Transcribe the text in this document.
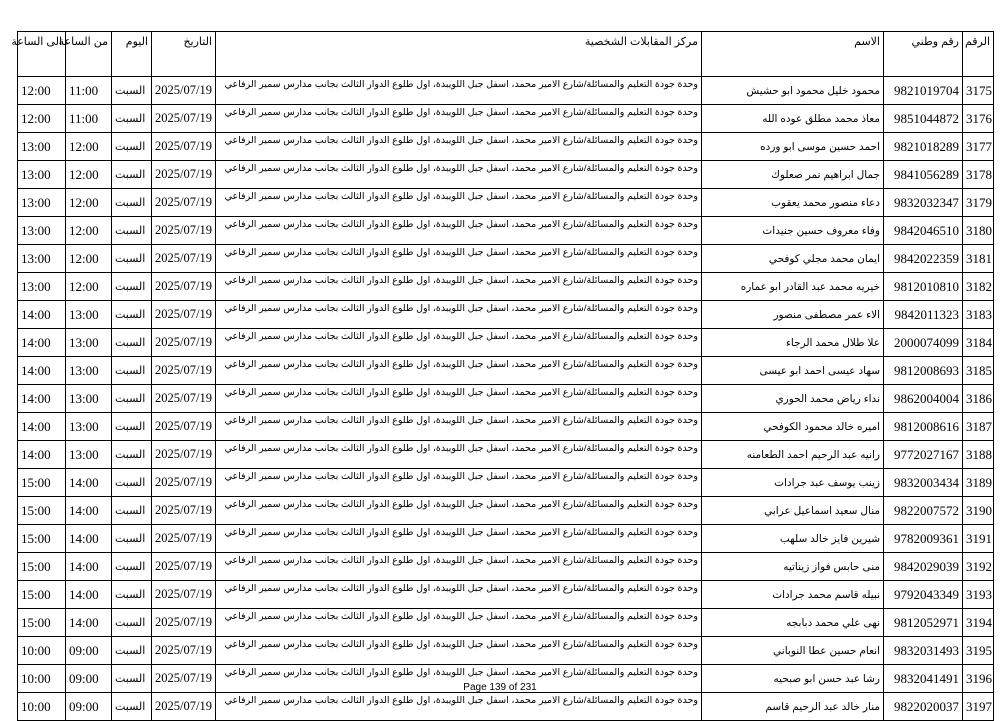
الرقم	رقم وطني	الاسم	مركز المقابلات الشخصية	التاريخ	اليوم	من الساعة	الى الساعة
3175	9821019704	محمود خليل محمود ابو حشيش	وحدة جودة التعليم والمسائلة/شارع الامير محمد، اسفل جبل اللويبدة، اول طلوع الدوار الثالث بجانب مدارس سمير الرفاعي	2025/07/19	السبت	11:00	12:00
3176	9851044872	معاذ محمد مطلق عوده الله	وحدة جودة التعليم والمسائلة/شارع الامير محمد، اسفل جبل اللويبدة، اول طلوع الدوار الثالث بجانب مدارس سمير الرفاعي	2025/07/19	السبت	11:00	12:00
3177	9821018289	احمد حسين موسى ابو ورده	وحدة جودة التعليم والمسائلة/شارع الامير محمد، اسفل جبل اللويبدة، اول طلوع الدوار الثالث بجانب مدارس سمير الرفاعي	2025/07/19	السبت	12:00	13:00
3178	9841056289	جمال ابراهيم نمر صعلوك	وحدة جودة التعليم والمسائلة/شارع الامير محمد، اسفل جبل اللويبدة، اول طلوع الدوار الثالث بجانب مدارس سمير الرفاعي	2025/07/19	السبت	12:00	13:00
3179	9832032347	دعاء منصور محمد يعقوب	وحدة جودة التعليم والمسائلة/شارع الامير محمد، اسفل جبل اللويبدة، اول طلوع الدوار الثالث بجانب مدارس سمير الرفاعي	2025/07/19	السبت	12:00	13:00
3180	9842046510	وفاء معروف حسين جنيدات	وحدة جودة التعليم والمسائلة/شارع الامير محمد، اسفل جبل اللويبدة، اول طلوع الدوار الثالث بجانب مدارس سمير الرفاعي	2025/07/19	السبت	12:00	13:00
3181	9842022359	ايمان محمد مجلي كوفحي	وحدة جودة التعليم والمسائلة/شارع الامير محمد، اسفل جبل اللويبدة، اول طلوع الدوار الثالث بجانب مدارس سمير الرفاعي	2025/07/19	السبت	12:00	13:00
3182	9812010810	خيريه محمد عبد القادر ابو عماره	وحدة جودة التعليم والمسائلة/شارع الامير محمد، اسفل جبل اللويبدة، اول طلوع الدوار الثالث بجانب مدارس سمير الرفاعي	2025/07/19	السبت	12:00	13:00
3183	9842011323	الاء عمر مصطفى منصور	وحدة جودة التعليم والمسائلة/شارع الامير محمد، اسفل جبل اللويبدة، اول طلوع الدوار الثالث بجانب مدارس سمير الرفاعي	2025/07/19	السبت	13:00	14:00
3184	2000074099	علا طلال محمد الرجاء	وحدة جودة التعليم والمسائلة/شارع الامير محمد، اسفل جبل اللويبدة، اول طلوع الدوار الثالث بجانب مدارس سمير الرفاعي	2025/07/19	السبت	13:00	14:00
3185	9812008693	سهاد عيسى احمد ابو عيسى	وحدة جودة التعليم والمسائلة/شارع الامير محمد، اسفل جبل اللويبدة، اول طلوع الدوار الثالث بجانب مدارس سمير الرفاعي	2025/07/19	السبت	13:00	14:00
3186	9862004004	نداء رياض محمد الحوري	وحدة جودة التعليم والمسائلة/شارع الامير محمد، اسفل جبل اللويبدة، اول طلوع الدوار الثالث بجانب مدارس سمير الرفاعي	2025/07/19	السبت	13:00	14:00
3187	9812008616	اميره خالد محمود الكوفحي	وحدة جودة التعليم والمسائلة/شارع الامير محمد، اسفل جبل اللويبدة، اول طلوع الدوار الثالث بجانب مدارس سمير الرفاعي	2025/07/19	السبت	13:00	14:00
3188	9772027167	رانيه عبد الرحيم احمد الطعامنه	وحدة جودة التعليم والمسائلة/شارع الامير محمد، اسفل جبل اللويبدة، اول طلوع الدوار الثالث بجانب مدارس سمير الرفاعي	2025/07/19	السبت	13:00	14:00
3189	9832003434	زينب يوسف عبد جرادات	وحدة جودة التعليم والمسائلة/شارع الامير محمد، اسفل جبل اللويبدة، اول طلوع الدوار الثالث بجانب مدارس سمير الرفاعي	2025/07/19	السبت	14:00	15:00
3190	9822007572	منال سعيد اسماعيل عرابي	وحدة جودة التعليم والمسائلة/شارع الامير محمد، اسفل جبل اللويبدة، اول طلوع الدوار الثالث بجانب مدارس سمير الرفاعي	2025/07/19	السبت	14:00	15:00
3191	9782009361	شيرين فايز خالد سلهب	وحدة جودة التعليم والمسائلة/شارع الامير محمد، اسفل جبل اللويبدة، اول طلوع الدوار الثالث بجانب مدارس سمير الرفاعي	2025/07/19	السبت	14:00	15:00
3192	9842029039	منى حابس فواز زيناتيه	وحدة جودة التعليم والمسائلة/شارع الامير محمد، اسفل جبل اللويبدة، اول طلوع الدوار الثالث بجانب مدارس سمير الرفاعي	2025/07/19	السبت	14:00	15:00
3193	9792043349	نبيله قاسم محمد جرادات	وحدة جودة التعليم والمسائلة/شارع الامير محمد، اسفل جبل اللويبدة، اول طلوع الدوار الثالث بجانب مدارس سمير الرفاعي	2025/07/19	السبت	14:00	15:00
3194	9812052971	نهى علي محمد دبابجه	وحدة جودة التعليم والمسائلة/شارع الامير محمد، اسفل جبل اللويبدة، اول طلوع الدوار الثالث بجانب مدارس سمير الرفاعي	2025/07/19	السبت	14:00	15:00
3195	9832031493	انعام حسين عطا النوباني	وحدة جودة التعليم والمسائلة/شارع الامير محمد، اسفل جبل اللويبدة، اول طلوع الدوار الثالث بجانب مدارس سمير الرفاعي	2025/07/19	السبت	09:00	10:00
3196	9832041491	رشا عبد حسن ابو صبحيه	وحدة جودة التعليم والمسائلة/شارع الامير محمد، اسفل جبل اللويبدة، اول طلوع الدوار الثالث بجانب مدارس سمير الرفاعي	2025/07/19	السبت	09:00	10:00
3197	9822020037	منار خالد عبد الرحيم قاسم	وحدة جودة التعليم والمسائلة/شارع الامير محمد، اسفل جبل اللويبدة، اول طلوع الدوار الثالث بجانب مدارس سمير الرفاعي	2025/07/19	السبت	09:00	10:00
Page 139 of 231
